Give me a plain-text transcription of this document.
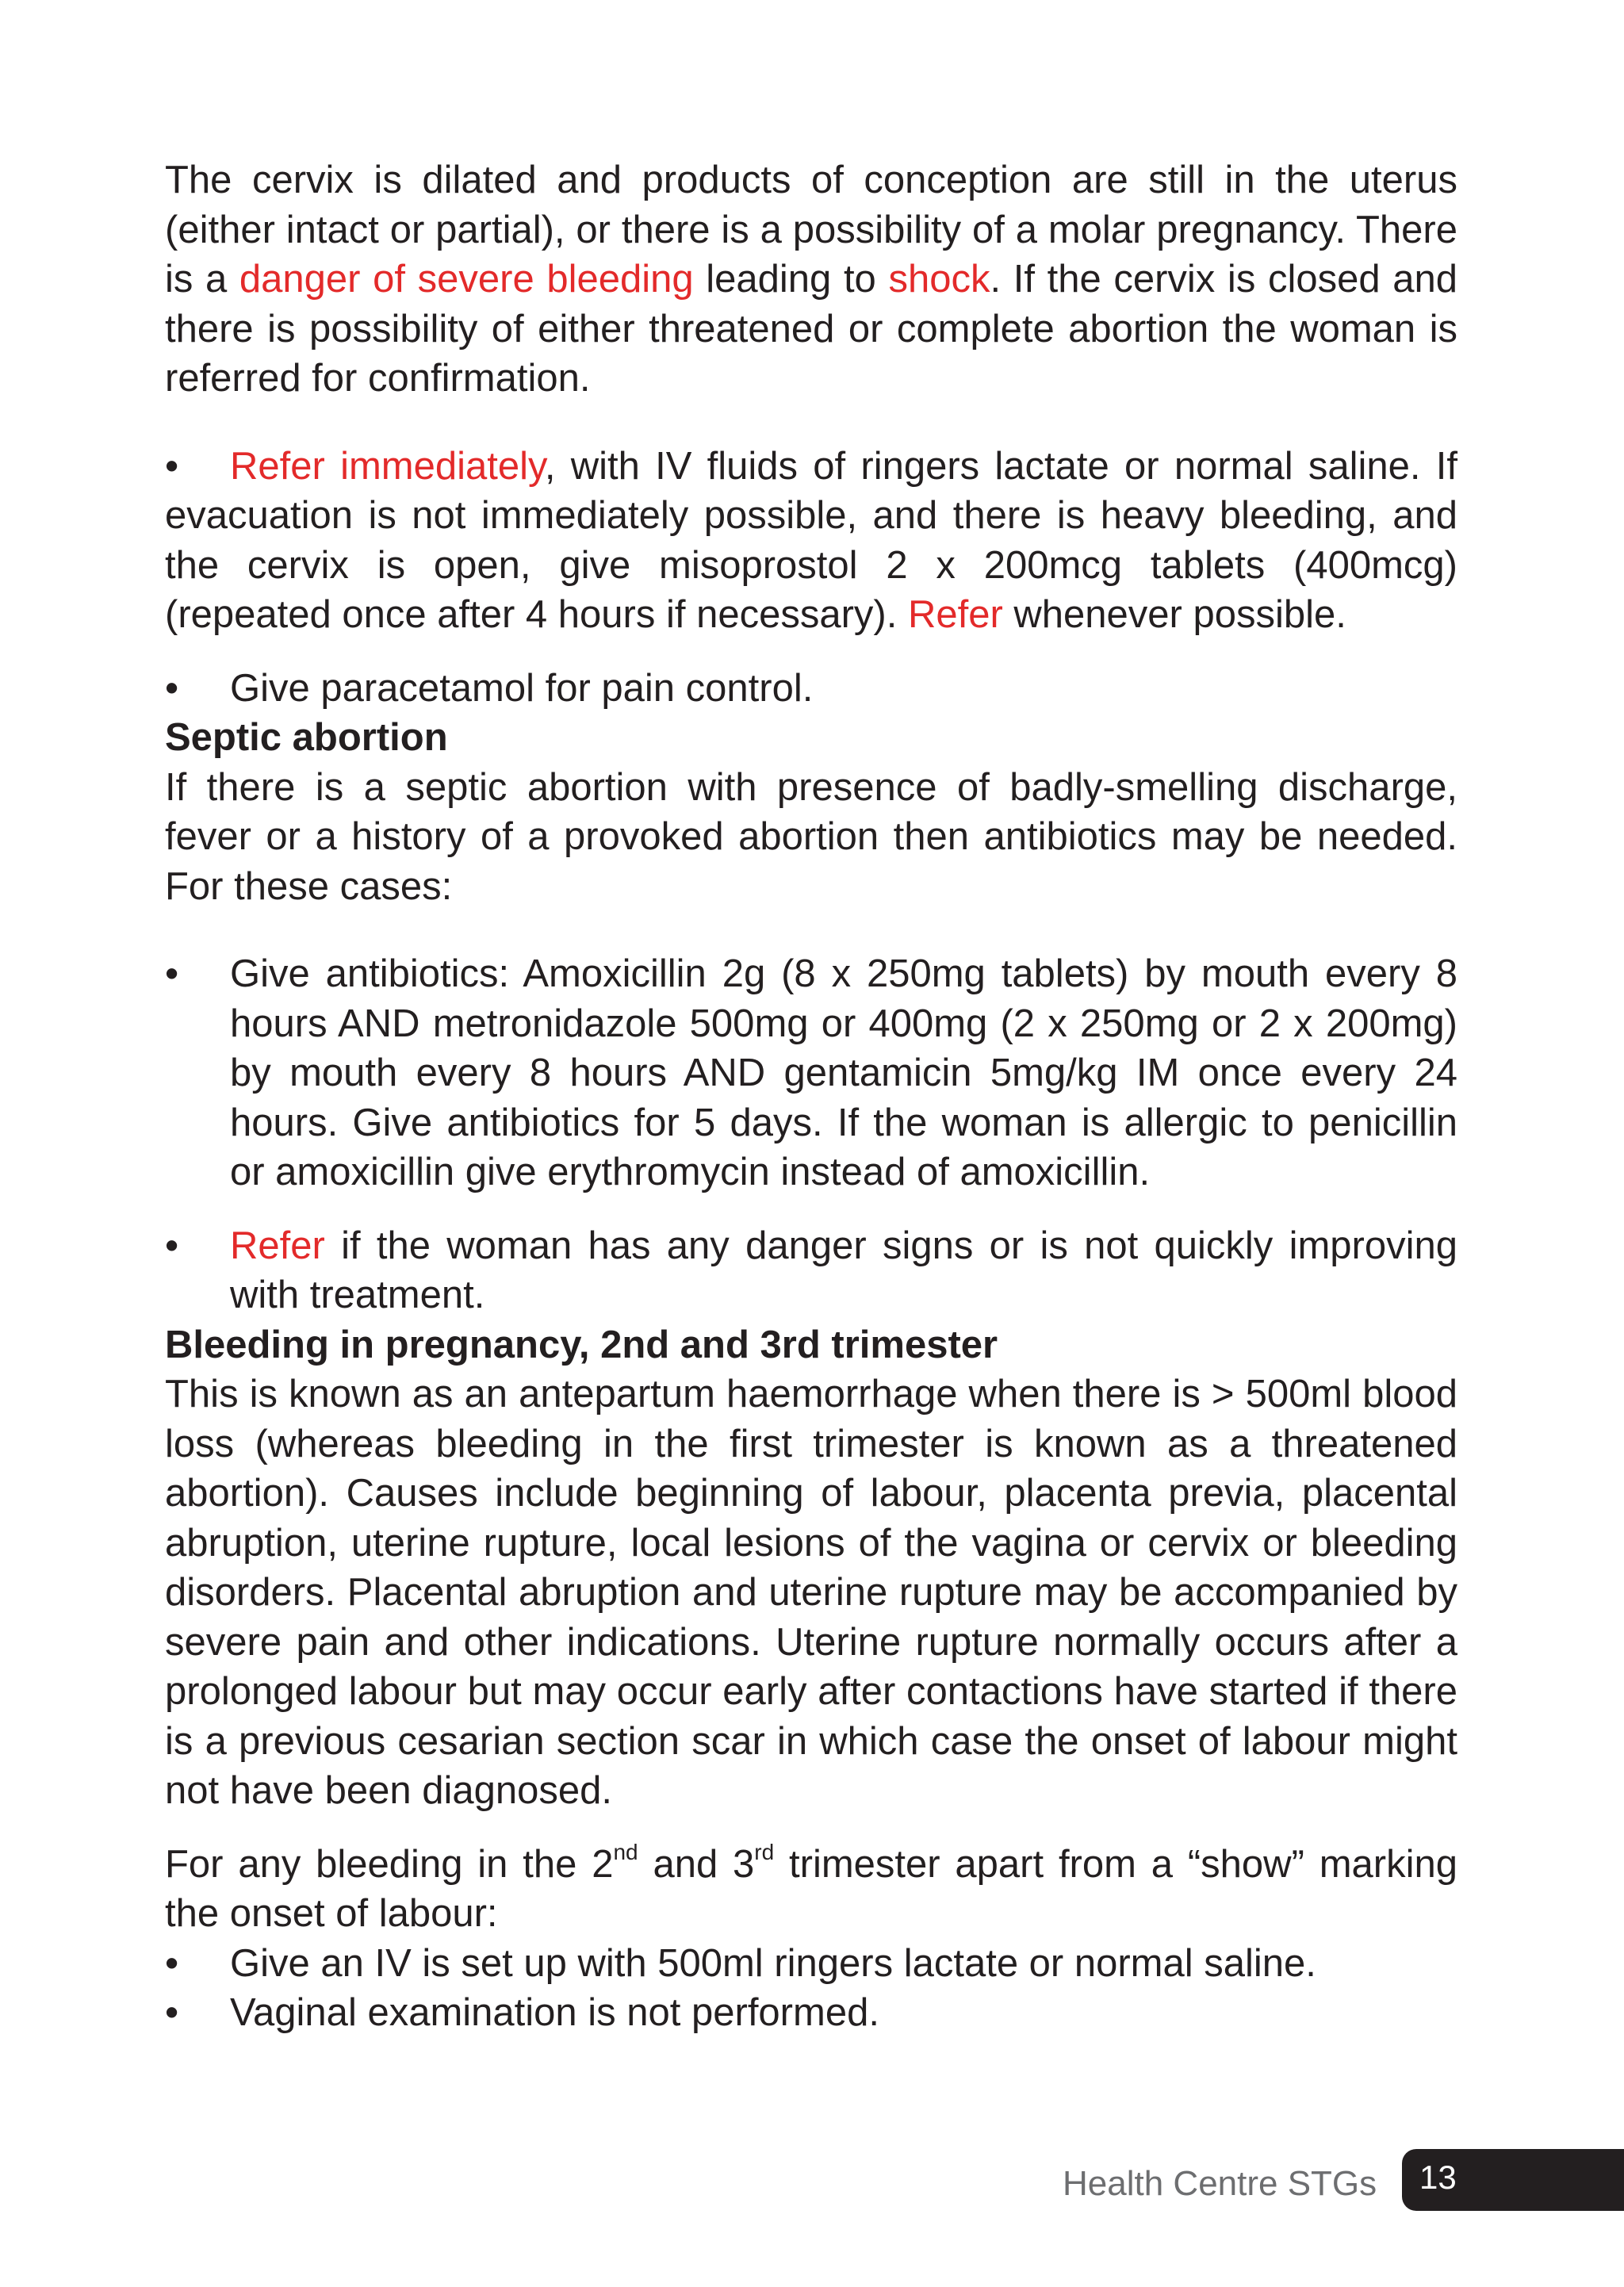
The cervix is dilated and products of conception are still in the uterus (either intact or partial), or there is a possibility of a molar pregnancy. There is a danger of severe bleeding leading to shock. If the cervix is closed and there is possibility of either threatened or complete abortion the woman is referred for confirmation.

• Refer immediately, with IV fluids of ringers lactate or normal saline. If evacuation is not immediately possible, and there is heavy bleeding, and the cervix is open, give misoprostol 2 x 200mcg tablets (400mcg) (repeated once after 4 hours if necessary). Refer whenever possible.

• Give paracetamol for pain control.

Septic abortion

If there is a septic abortion with presence of badly-smelling discharge, fever or a history of a provoked abortion then antibiotics may be needed. For these cases:

• Give antibiotics: Amoxicillin 2g (8 x 250mg tablets) by mouth every 8 hours AND metronidazole 500mg or 400mg (2 x 250mg or 2 x 200mg) by mouth every 8 hours AND gentamicin 5mg/kg IM once every 24 hours. Give antibiotics for 5 days. If the woman is allergic to penicillin or amoxicillin give erythromycin instead of amoxicillin.
• Refer if the woman has any danger signs or is not quickly improving with treatment.

Bleeding in pregnancy, 2nd and 3rd trimester

This is known as an antepartum haemorrhage when there is > 500ml blood loss (whereas bleeding in the first trimester is known as a threatened abortion). Causes include beginning of labour, placenta previa, placental abruption, uterine rupture, local lesions of the vagina or cervix or bleeding disorders. Placental abruption and uterine rupture may be accompanied by severe pain and other indications. Uterine rupture normally occurs after a prolonged labour but may occur early after contactions have started if there is a previous cesarian section scar in which case the onset of labour might not have been diagnosed.

For any bleeding in the 2nd and 3rd trimester apart from a “show” marking the onset of labour:

• Give an IV is set up with 500ml ringers lactate or normal saline.
• Vaginal examination is not performed.
Health Centre STGs 13
